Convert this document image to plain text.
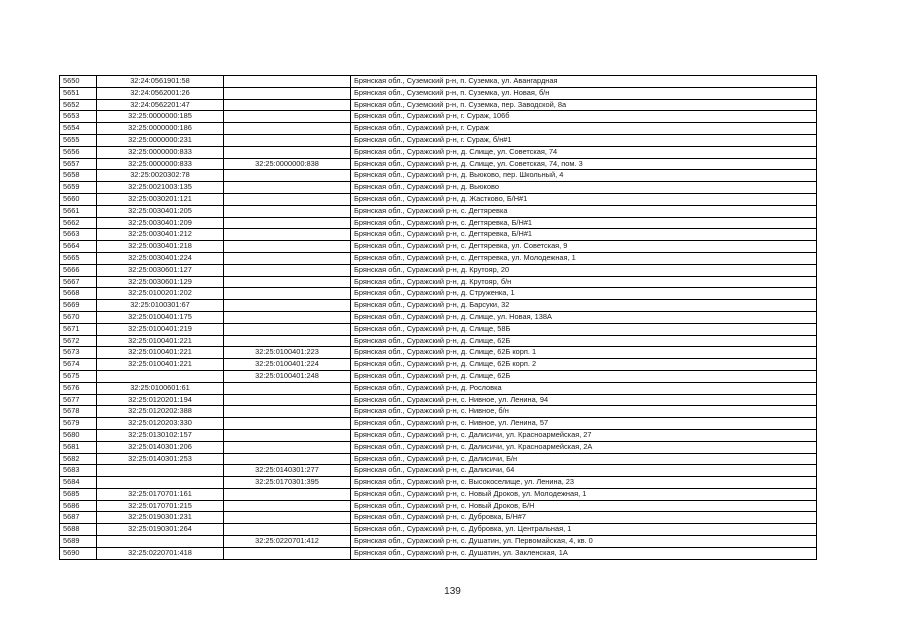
5650	32:24:0561901:58		Брянская обл., Суземский р-н, п. Суземка, ул. Авангардная
5651	32:24:0562001:26		Брянская обл., Суземский р-н, п. Суземка, ул. Новая, б/н
5652	32:24:0562201:47		Брянская обл., Суземский р-н, п. Суземка, пер. Заводской, 8а
5653	32:25:0000000:185		Брянская обл., Суражский р-н, г. Сураж, 106б
5654	32:25:0000000:186		Брянская обл., Суражский р-н, г. Сураж
5655	32:25:0000000:231		Брянская обл., Суражский р-н, г. Сураж, б/н#1
5656	32:25:0000000:833		Брянская обл., Суражский р-н, д. Слище, ул. Советская, 74
5657	32:25:0000000:833	32:25:0000000:838	Брянская обл., Суражский р-н, д. Слище, ул. Советская, 74, пом. 3
5658	32:25:0020302:78		Брянская обл., Суражский р-н, д. Вьюково, пер. Школьный, 4
5659	32:25:0021003:135		Брянская обл., Суражский р-н, д. Вьюково
5660	32:25:0030201:121		Брянская обл., Суражский р-н, д. Жастково, Б/Н#1
5661	32:25:0030401:205		Брянская обл., Суражский р-н, с. Дегтяревка
5662	32:25:0030401:209		Брянская обл., Суражский р-н, с. Дегтяревка, Б/Н#1
5663	32:25:0030401:212		Брянская обл., Суражский р-н, с. Дегтяревка, Б/Н#1
5664	32:25:0030401:218		Брянская обл., Суражский р-н, с. Дегтяревка, ул. Советская, 9
5665	32:25:0030401:224		Брянская обл., Суражский р-н, с. Дегтяревка, ул. Молодежная, 1
5666	32:25:0030601:127		Брянская обл., Суражский р-н, д. Крутояр, 20
5667	32:25:0030601:129		Брянская обл., Суражский р-н, д. Крутояр, б/н
5668	32:25:0100201:202		Брянская обл., Суражский р-н, д. Струженка, 1
5669	32:25:0100301:67		Брянская обл., Суражский р-н, д. Барсуки, 32
5670	32:25:0100401:175		Брянская обл., Суражский р-н, д. Слище, ул. Новая, 138А
5671	32:25:0100401:219		Брянская обл., Суражский р-н, д. Слище, 58Б
5672	32:25:0100401:221		Брянская обл., Суражский р-н, д. Слище, 62Б
5673	32:25:0100401:221	32:25:0100401:223	Брянская обл., Суражский р-н, д. Слище, 62Б корп. 1
5674	32:25:0100401:221	32:25:0100401:224	Брянская обл., Суражский р-н, д. Слище, 62Б корп. 2
5675		32:25:0100401:248	Брянская обл., Суражский р-н, д. Слище, 62Б
5676	32:25:0100601:61		Брянская обл., Суражский р-н, д. Рословка
5677	32:25:0120201:194		Брянская обл., Суражский р-н, с. Нивное, ул. Ленина, 94
5678	32:25:0120202:388		Брянская обл., Суражский р-н, с. Нивное, б/н
5679	32:25:0120203:330		Брянская обл., Суражский р-н, с. Нивное, ул. Ленина, 57
5680	32:25:0130102:157		Брянская обл., Суражский р-н, с. Далисичи, ул. Красноармейская, 27
5681	32:25:0140301:206		Брянская обл., Суражский р-н, с. Далисичи, ул. Красноармейская, 2А
5682	32:25:0140301:253		Брянская обл., Суражский р-н, с. Далисичи, Б/н
5683		32:25:0140301:277	Брянская обл., Суражский р-н, с. Далисичи, 64
5684		32:25:0170301:395	Брянская обл., Суражский р-н, с. Высокоселище, ул. Ленина, 23
5685	32:25:0170701:161		Брянская обл., Суражский р-н, с. Новый Дроков, ул. Молодежная, 1
5686	32:25:0170701:215		Брянская обл., Суражский р-н, с. Новый Дроков, Б/Н
5687	32:25:0190301:231		Брянская обл., Суражский р-н, с. Дубровка, Б/Н#7
5688	32:25:0190301:264		Брянская обл., Суражский р-н, с. Дубровка, ул. Центральная, 1
5689		32:25:0220701:412	Брянская обл., Суражский р-н, с. Душатин, ул. Первомайская, 4, кв. 0
5690	32:25:0220701:418		Брянская обл., Суражский р-н, с. Душатин, ул. Закленская, 1А
139
